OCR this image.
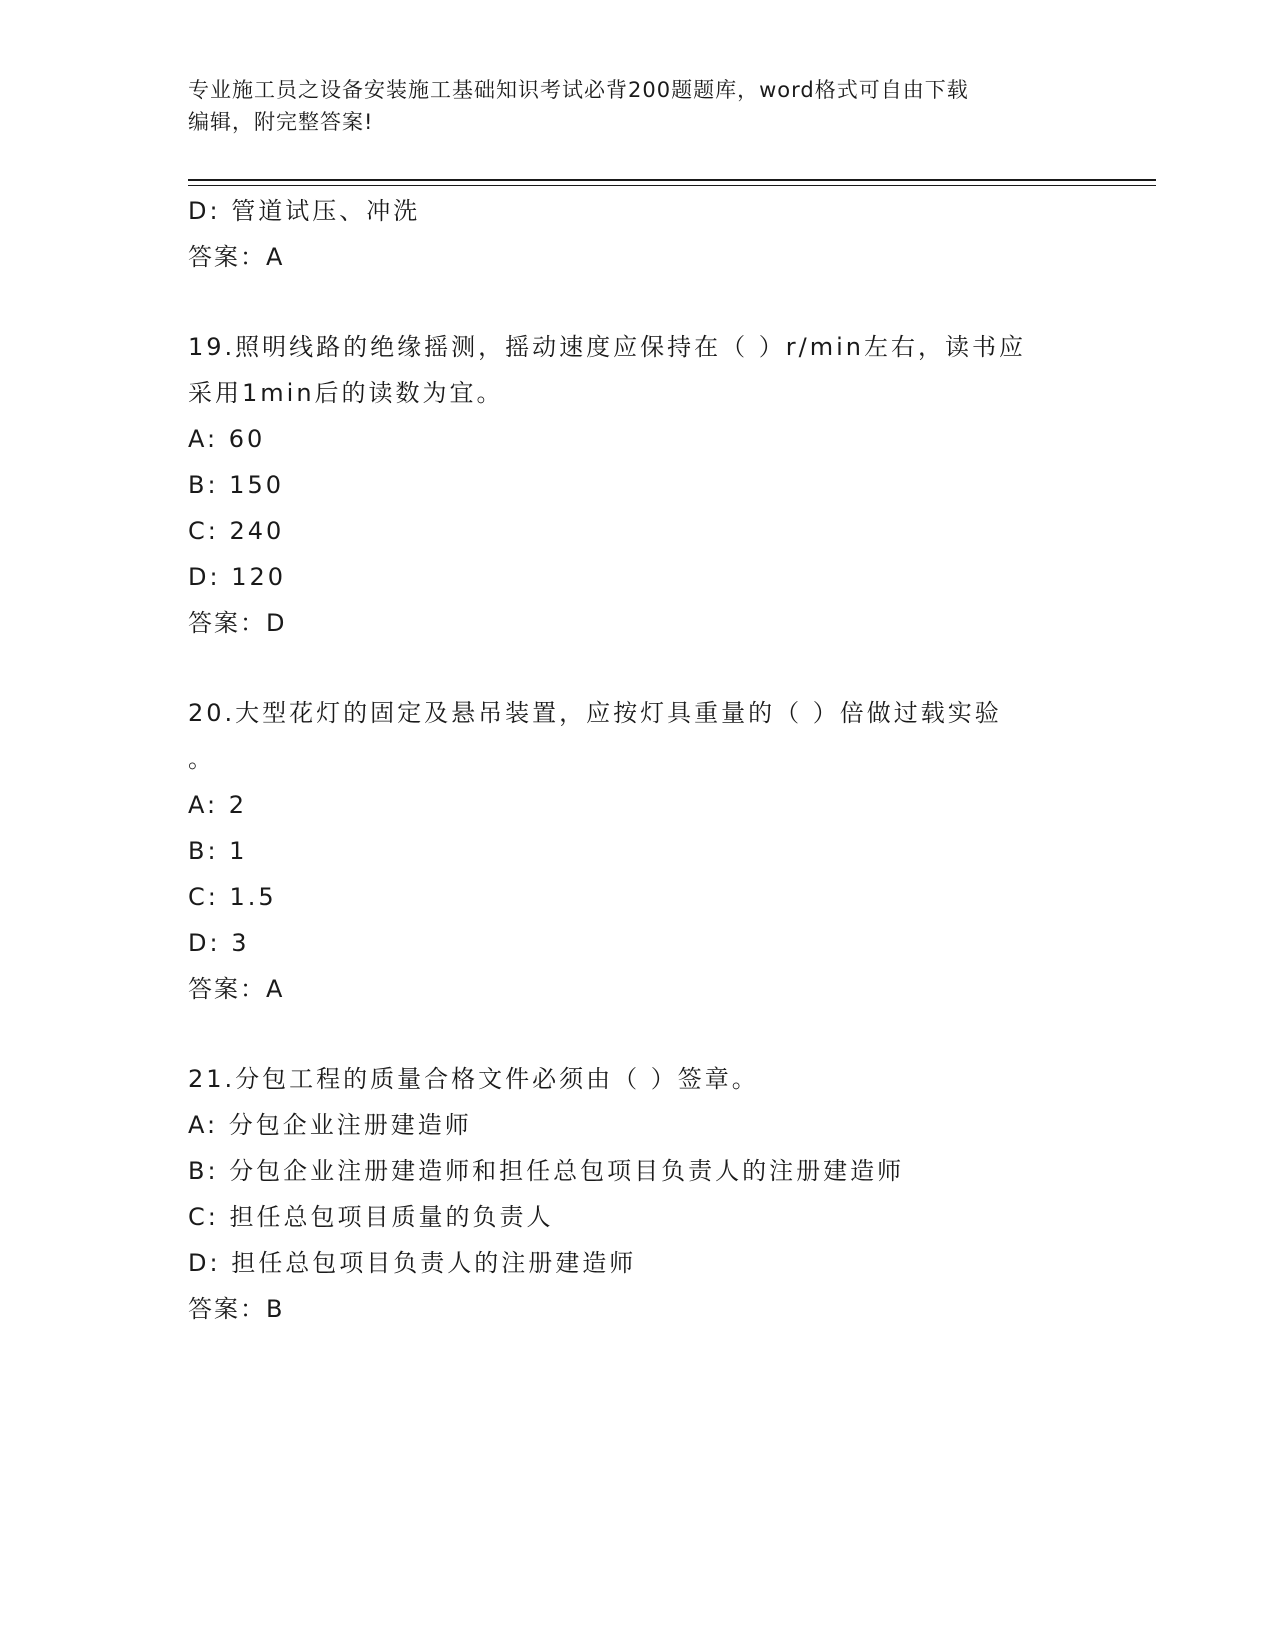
专业施工员之设备安装施工基础知识考试必背200题题库，word格式可自由下载
编辑，附完整答案!
D: 管道试压、冲洗
答案：A
19.照明线路的绝缘摇测，摇动速度应保持在（ ）r/min左右，读书应
采用1min后的读数为宜。
A: 60
B: 150
C: 240
D: 120
答案：D
20.大型花灯的固定及悬吊装置，应按灯具重量的（ ）倍做过载实验
。
A: 2
B: 1
C: 1.5
D: 3
答案：A
21.分包工程的质量合格文件必须由（ ）签章。
A: 分包企业注册建造师
B: 分包企业注册建造师和担任总包项目负责人的注册建造师
C: 担任总包项目质量的负责人
D: 担任总包项目负责人的注册建造师
答案：B
